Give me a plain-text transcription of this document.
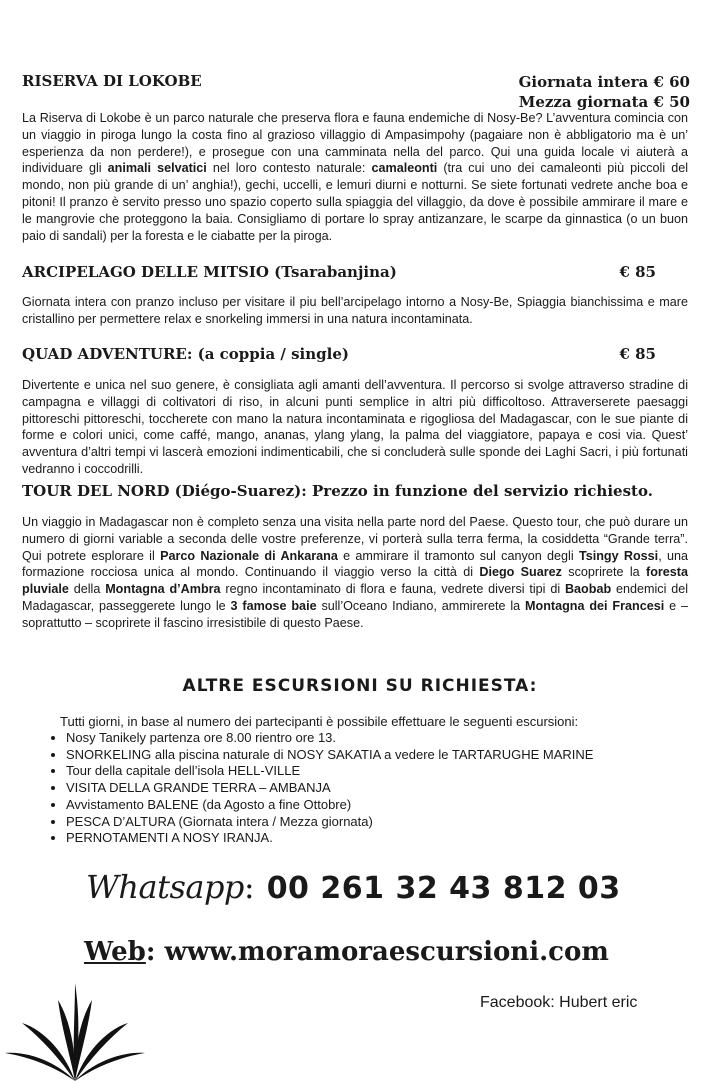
RISERVA DI LOKOBE	Giornata intera € 60
Mezza giornata € 50

La Riserva di Lokobe è un parco naturale che preserva flora e fauna endemiche di Nosy-Be? L’avventura comincia con un viaggio in piroga lungo la costa fino al grazioso villaggio di Ampasimpohy (pagaiare non è abbligatorio ma è un’ esperienza da non perdere!), e prosegue con una camminata nella del parco. Qui una guida locale vi aiuterà a individuare gli animali selvatici nel loro contesto naturale: camaleonti (tra cui uno dei camaleonti più piccoli del mondo, non più grande di un’ anghia!), gechi, uccelli, e lemuri diurni e notturni. Se siete fortunati vedrete anche boa e pitoni! Il pranzo è servito presso uno spazio coperto sulla spiaggia del villaggio, da dove è possibile ammirare il mare e le mangrovie che proteggono la baia. Consigliamo di portare lo spray antizanzare, le scarpe da ginnastica (o un buon paio di sandali) per la foresta e le ciabatte per la piroga.

ARCIPELAGO DELLE MITSIO (Tsarabanjina)	€ 85

Giornata intera con pranzo incluso per visitare il piu bell’arcipelago intorno a Nosy-Be, Spiaggia bianchissima e mare cristallino per permettere relax e snorkeling immersi in una natura incontaminata.

QUAD ADVENTURE: (a coppia / single)	€ 85

Divertente e unica nel suo genere, è consigliata agli amanti dell’avventura. Il percorso si svolge attraverso stradine di campagna e villaggi di coltivatori di riso, in alcuni punti semplice in altri più difficoltoso. Attraverserete paesaggi pittoreschi pittoreschi, toccherete con mano la natura incontaminata e rigogliosa del Madagascar, con le sue piante di forme e colori unici, come caffé, mango, ananas, ylang ylang, la palma del viaggiatore, papaya e cosi via. Quest’ avventura d’altri tempi vi lascerà emozioni indimenticabili, che si concluderà sulle sponde dei Laghi Sacri, i più fortunati vedranno i coccodrilli.

TOUR DEL NORD (Diégo-Suarez): Prezzo in funzione del servizio richiesto.

Un viaggio in Madagascar non è completo senza una visita nella parte nord del Paese. Questo tour, che può durare un numero di giorni variable a seconda delle vostre preferenze, vi porterà sulla terra ferma, la cosiddetta “Grande terra”. Qui potrete esplorare il Parco Nazionale di Ankarana e ammirare il tramonto sul canyon degli Tsingy Rossi, una formazione rocciosa unica al mondo. Continuando il viaggio verso la città di Diego Suarez scoprirete la foresta pluviale della Montagna d’Ambra regno incontaminato di flora e fauna, vedrete diversi tipi di Baobab endemici del Madagascar, passeggerete lungo le 3 famose baie sull’Oceano Indiano, ammirerete la Montagna dei Francesi e – soprattutto – scoprirete il fascino irresistibile di questo Paese.

ALTRE ESCURSIONI SU RICHIESTA:
Tutti giorni, in base al numero dei partecipanti è possibile effettuare le seguenti escursioni:
• Nosy Tanikely partenza ore 8.00 rientro ore 13.
• SNORKELING alla piscina naturale di NOSY SAKATIA a vedere le TARTARUGHE MARINE
• Tour della capitale dell’isola HELL-VILLE
• VISITA DELLA GRANDE TERRA – AMBANJA
• Avvistamento BALENE (da Agosto a fine Ottobre)
• PESCA D’ALTURA (Giornata intera / Mezza giornata)
• PERNOTAMENTI A NOSY IRANJA.
Whatsapp : 00 261 32 43 812 03
Web: www.moramoraescursioni.com
Facebook: Hubert eric
